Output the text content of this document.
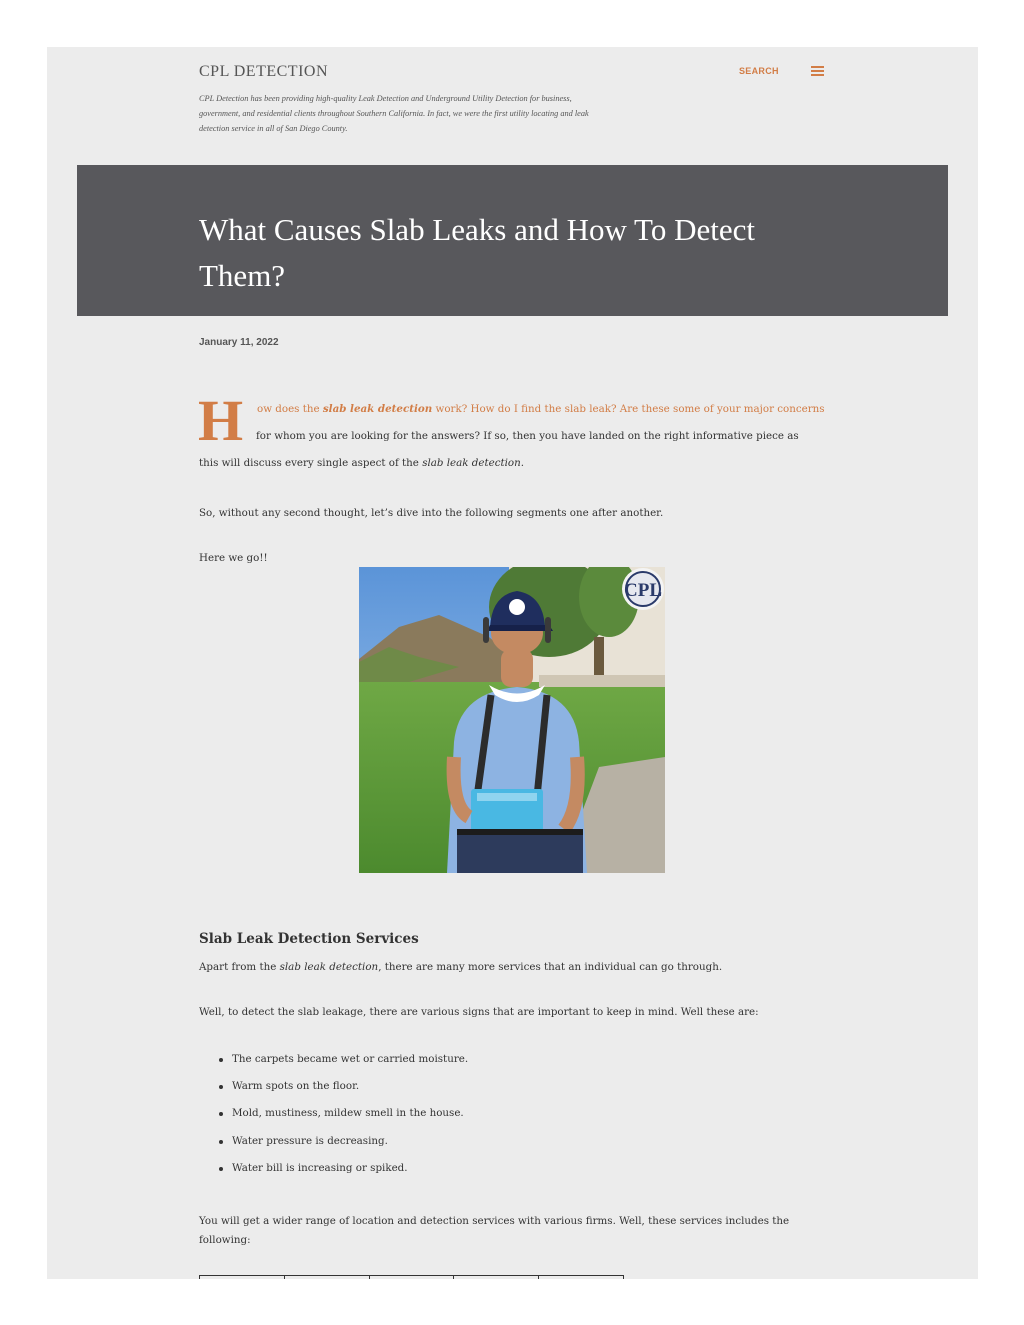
CPL DETECTION	SEARCH
CPL Detection has been providing high-quality Leak Detection and Underground Utility Detection for business,
government, and residential clients throughout Southern California. In fact, we were the first utility locating and leak
detection service in all of San Diego County.
What Causes Slab Leaks and How To Detect
Them?
January 11, 2022
H ow does the slab leak detection work? How do I find the slab leak? Are these some of your major concerns
for whom you are looking for the answers? If so, then you have landed on the right informative piece as
this will discuss every single aspect of the slab leak detection.
So, without any second thought, let’s dive into the following segments one after another.
Here we go!!
CPL
Slab Leak Detection Services
Apart from the slab leak detection, there are many more services that an individual can go through.
Well, to detect the slab leakage, there are various signs that are important to keep in mind. Well these are:
The carpets became wet or carried moisture.
Warm spots on the floor.
Mold, mustiness, mildew smell in the house.
Water pressure is decreasing.
Water bill is increasing or spiked.
You will get a wider range of location and detection services with various firms. Well, these services includes the
following:
